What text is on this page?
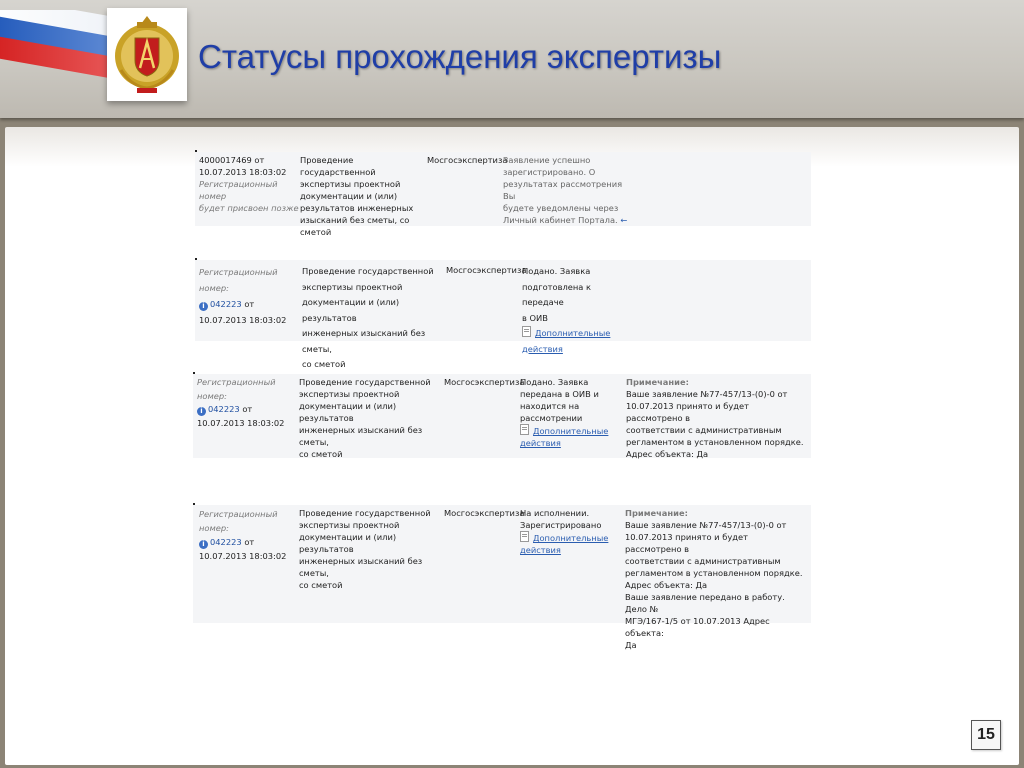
Статусы прохождения экспертизы
4000017469 от
10.07.2013 18:03:02
Регистрационный номер
будет присвоен позже
Проведение государственной
экспертизы проектной
документации и (или)
результатов инженерных
изысканий без сметы, со
сметой
Мосгосэкспертиза
Заявление успешно
зарегистрировано. О
результатах рассмотрения Вы
будете уведомлены через
Личный кабинет Портала. ←
Регистрационный номер:
i 042223 от
10.07.2013 18:03:02
Проведение государственной
экспертизы проектной
документации и (или) результатов
инженерных изысканий без сметы,
со сметой
Мосгосэкспертиза
Подано. Заявка
подготовлена к передаче
в ОИВ
Дополнительные
действия
Регистрационный номер:
i 042223 от
10.07.2013 18:03:02
Проведение государственной
экспертизы проектной
документации и (или) результатов
инженерных изысканий без сметы,
со сметой
Мосгосэкспертиза
Подано. Заявка
передана в ОИВ и
находится на
рассмотрении
Дополнительные
действия
Примечание:
Ваше заявление №77-457/13-(0)-0 от
10.07.2013 принято и будет рассмотрено в
соответствии с административным
регламентом в установленном порядке.
Адрес объекта: Да
Регистрационный номер:
i 042223 от
10.07.2013 18:03:02
Проведение государственной
экспертизы проектной
документации и (или) результатов
инженерных изысканий без сметы,
со сметой
Мосгосэкспертиза
На исполнении.
Зарегистрировано
Дополнительные
действия
Примечание:
Ваше заявление №77-457/13-(0)-0 от
10.07.2013 принято и будет рассмотрено в
соответствии с административным
регламентом в установленном порядке.
Адрес объекта: Да
Ваше заявление передано в работу. Дело №
МГЭ/167-1/5 от 10.07.2013 Адрес объекта:
Да
15
